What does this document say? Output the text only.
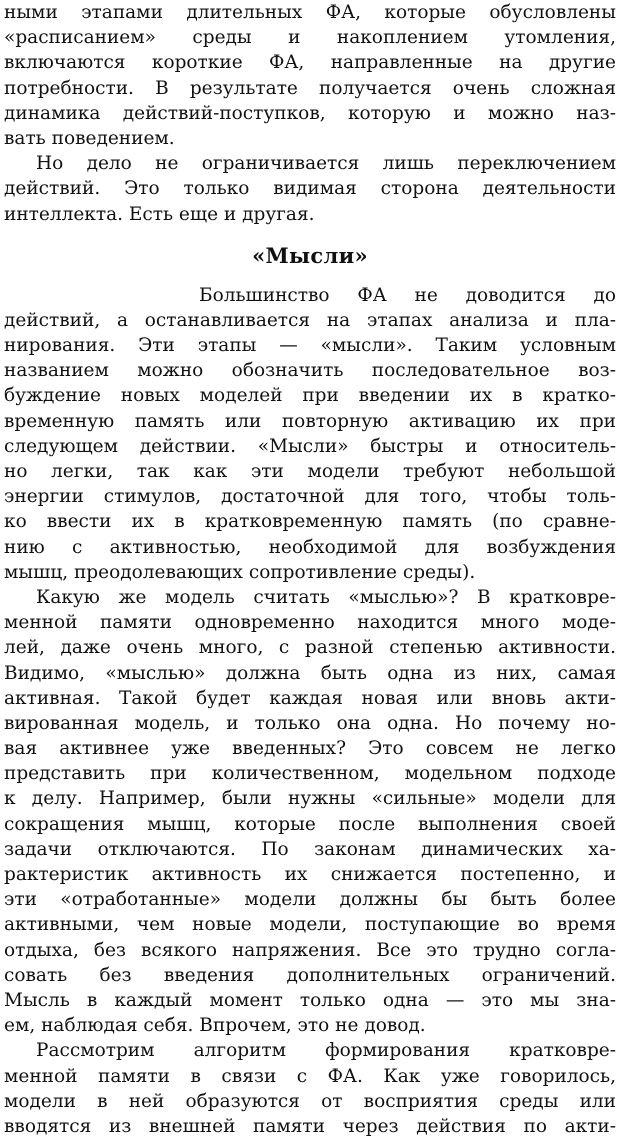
ными этапами длительных ФА, которые обусловлены
«расписанием» среды и накоплением утомления,
включаются короткие ФА, направленные на другие
потребности. В результате получается очень сложная
динамика действий-поступков, которую и можно наз-
вать поведением.
Но дело не ограничивается лишь переключением
действий. Это только видимая сторона деятельности
интеллекта. Есть еще и другая.
«Мысли»
Большинство ФА не доводится до
действий, а останавливается на этапах анализа и пла-
нирования. Эти этапы — «мысли». Таким условным
названием можно обозначить последовательное воз-
буждение новых моделей при введении их в кратко-
временную память или повторную активацию их при
следующем действии. «Мысли» быстры и относитель-
но легки, так как эти модели требуют небольшой
энергии стимулов, достаточной для того, чтобы толь-
ко ввести их в кратковременную память (по сравне-
нию с активностью, необходимой для возбуждения
мышц, преодолевающих сопротивление среды).
Какую же модель считать «мыслью»? В кратковре-
менной памяти одновременно находится много моде-
лей, даже очень много, с разной степенью активности.
Видимо, «мыслью» должна быть одна из них, самая
активная. Такой будет каждая новая или вновь акти-
вированная модель, и только она одна. Но почему но-
вая активнее уже введенных? Это совсем не легко
представить при количественном, модельном подходе
к делу. Например, были нужны «сильные» модели для
сокращения мышц, которые после выполнения своей
задачи отключаются. По законам динамических ха-
рактеристик активность их снижается постепенно, и
эти «отработанные» модели должны бы быть более
активными, чем новые модели, поступающие во время
отдыха, без всякого напряжения. Все это трудно согла-
совать без введения дополнительных ограничений.
Мысль в каждый момент только одна — это мы зна-
ем, наблюдая себя. Впрочем, это не довод.
Рассмотрим алгоритм формирования кратковре-
менной памяти в связи с ФА. Как уже говорилось,
модели в ней образуются от восприятия среды или
вводятся из внешней памяти через действия по акти-
